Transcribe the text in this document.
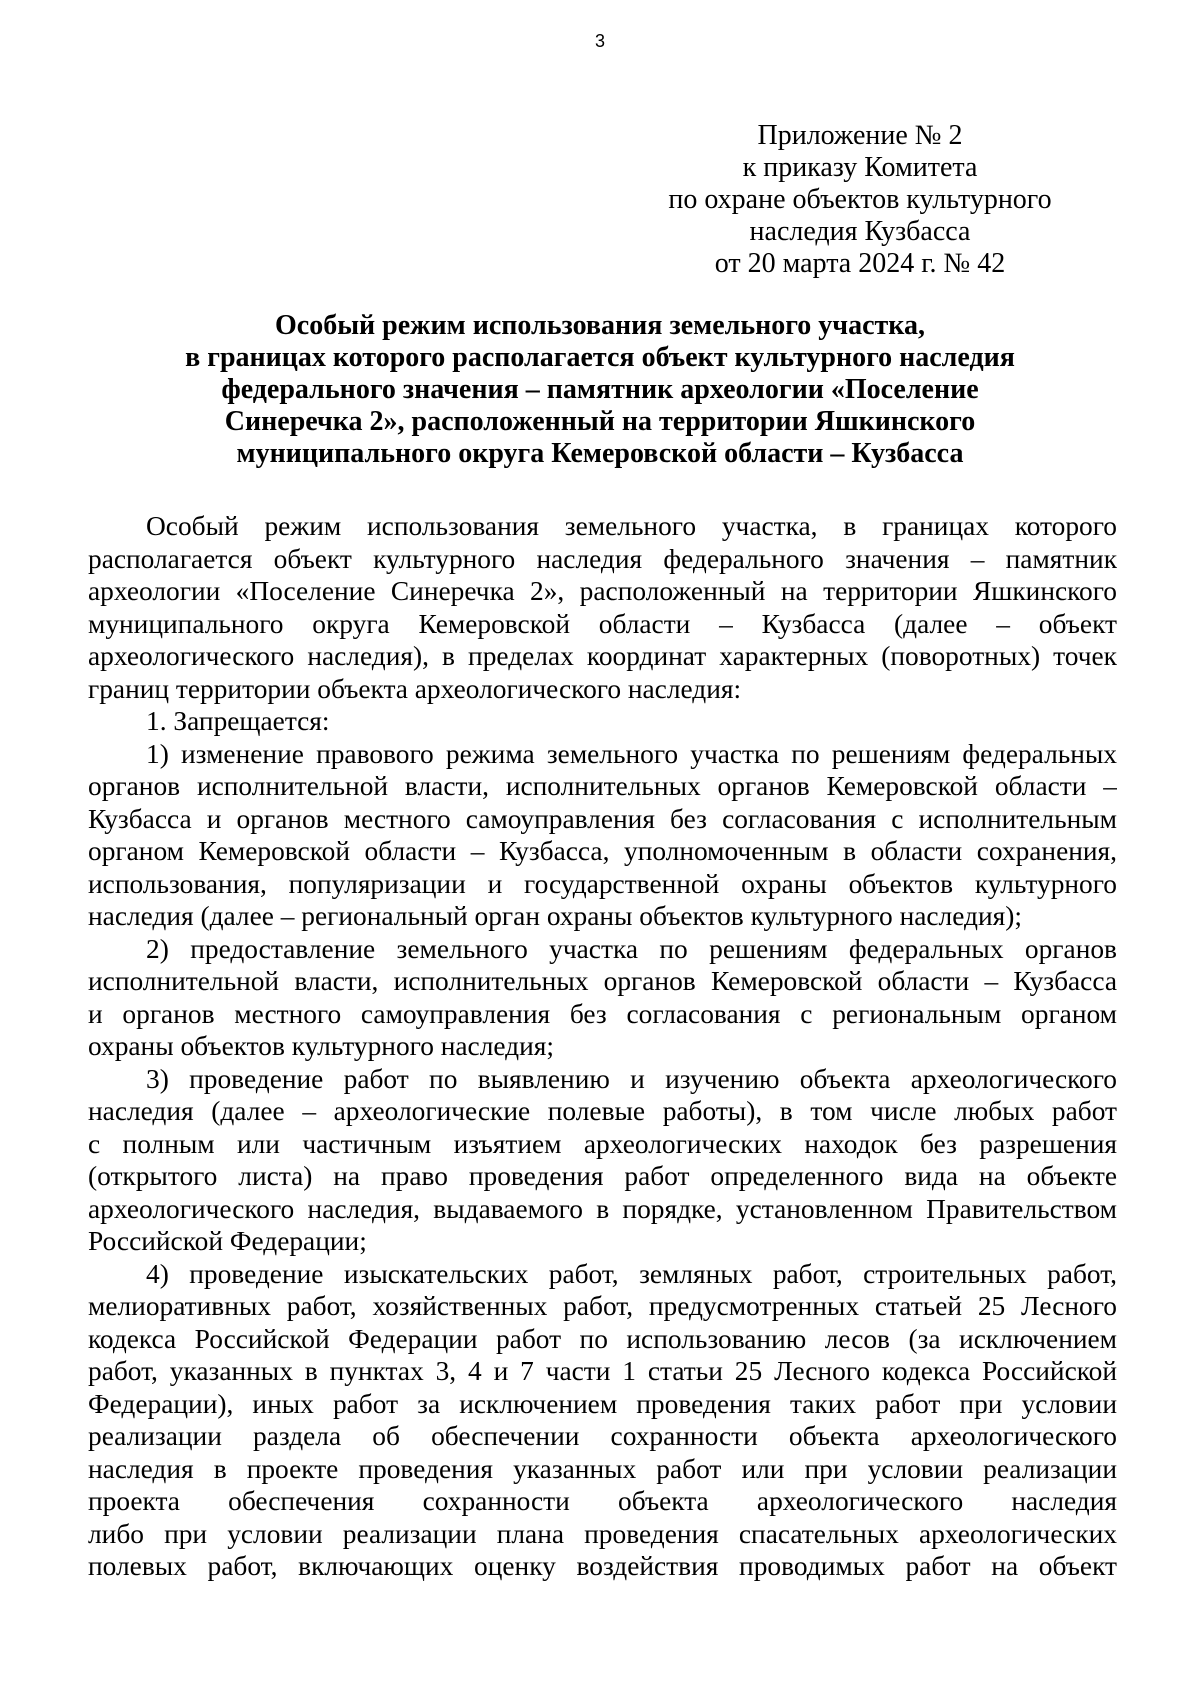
3
Приложение № 2
к приказу Комитета
по охране объектов культурного
наследия Кузбасса
от 20 марта 2024 г. № 42
Особый режим использования земельного участка,
в границах которого располагается объект культурного наследия
федерального значения – памятник археологии «Поселение
Синеречка 2», расположенный на территории Яшкинского
муниципального округа Кемеровской области – Кузбасса
Особый режим использования земельного участка, в границах которого
располагается объект культурного наследия федерального значения – памятник
археологии «Поселение Синеречка 2», расположенный на территории Яшкинского
муниципального округа Кемеровской области – Кузбасса (далее – объект
археологического наследия), в пределах координат характерных (поворотных) точек
границ территории объекта археологического наследия:
1. Запрещается:
1) изменение правового режима земельного участка по решениям федеральных
органов исполнительной власти, исполнительных органов Кемеровской области –
Кузбасса и органов местного самоуправления без согласования с исполнительным
органом Кемеровской области – Кузбасса, уполномоченным в области сохранения,
использования, популяризации и государственной охраны объектов культурного
наследия (далее – региональный орган охраны объектов культурного наследия);
2) предоставление земельного участка по решениям федеральных органов
исполнительной власти, исполнительных органов Кемеровской области – Кузбасса
и органов местного самоуправления без согласования с региональным органом
охраны объектов культурного наследия;
3) проведение работ по выявлению и изучению объекта археологического
наследия (далее – археологические полевые работы), в том числе любых работ
с полным или частичным изъятием археологических находок без разрешения
(открытого листа) на право проведения работ определенного вида на объекте
археологического наследия, выдаваемого в порядке, установленном Правительством
Российской Федерации;
4) проведение изыскательских работ, земляных работ, строительных работ,
мелиоративных работ, хозяйственных работ, предусмотренных статьей 25 Лесного
кодекса Российской Федерации работ по использованию лесов (за исключением
работ, указанных в пунктах 3, 4 и 7 части 1 статьи 25 Лесного кодекса Российской
Федерации), иных работ за исключением проведения таких работ при условии
реализации раздела об обеспечении сохранности объекта археологического
наследия в проекте проведения указанных работ или при условии реализации
проекта обеспечения сохранности объекта археологического наследия
либо при условии реализации плана проведения спасательных археологических
полевых работ, включающих оценку воздействия проводимых работ на объект
